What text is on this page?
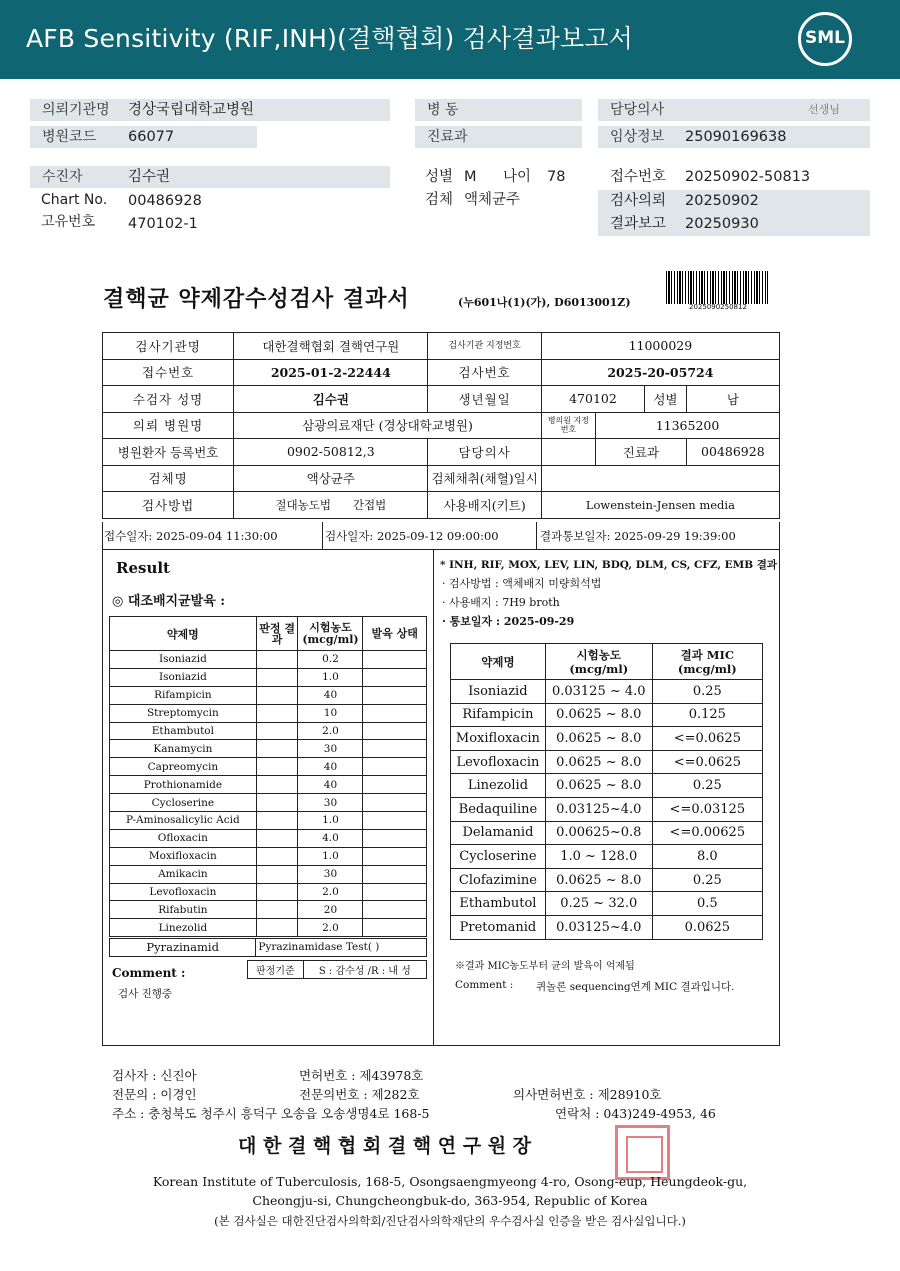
AFB Sensitivity (RIF,INH)(결핵협회) 검사결과보고서	SML
의뢰기관명	경상국립대학교병원
병원코드	66077
병 동
진료과
담당의사	선생님
임상정보	25090169638
수진자	김수권
Chart No. 00486928
고유번호 470102-1
성별 M 나이 78
검체 액체균주
접수번호 20250902-50813
검사의뢰 20250902
결과보고 20250930
결핵균 약제감수성검사 결과서	(누601나(1)(가), D6013001Z)	2025090250812
검사기관명	대한결핵협회 결핵연구원	검사기관 지정번호	11000029			
접수번호	2025-01-2-22444	검사번호	2025-20-05724			
수검자 성명	김수권	생년월일	470102		성별	남
의뢰 병원명	삼광의료재단 (경상대학교병원)		병의원 지정번호	11365200		
병원환자 등록번호	0902-50812,3	담당의사		진료과		00486928
검체명	액상균주	검체채취(채혈)일시				
검사방법	절대농도법 간접법	사용배지(키트)	Lowenstein-Jensen media			
접수일자: 2025-09-04 11:30:00	검사일자: 2025-09-12 09:00:00	결과통보일자: 2025-09-29 19:39:00
Result
◎ 대조배지균발육 :
약제명	판정 결과	시험농도 (mcg/ml)	발육 상태
Isoniazid		0.2	
Isoniazid		1.0	
Rifampicin		40	
Streptomycin		10	
Ethambutol		2.0	
Kanamycin		30	
Capreomycin		40	
Prothionamide		40	
Cycloserine		30	
P-Aminosalicylic Acid		1.0	
Ofloxacin		4.0	
Moxifloxacin		1.0	
Amikacin		30	
Levofloxacin		2.0	
Rifabutin		20	
Linezolid		2.0	
Pyrazinamid	Pyrazinamidase Test( )
판정기준	S : 감수성 /R : 내 성
Comment :
검사 진행중
* INH, RIF, MOX, LEV, LIN, BDQ, DLM, CS, CFZ, EMB 결과
· 검사방법 : 액체배지 미량희석법
· 사용배지 : 7H9 broth
· 통보일자 : 2025-09-29
약제명	시험농도 (mcg/ml)	결과 MIC (mcg/ml)
Isoniazid	0.03125 ~ 4.0	0.25
Rifampicin	0.0625 ~ 8.0	0.125
Moxifloxacin	0.0625 ~ 8.0	<=0.0625
Levofloxacin	0.0625 ~ 8.0	<=0.0625
Linezolid	0.0625 ~ 8.0	0.25
Bedaquiline	0.03125~4.0	<=0.03125
Delamanid	0.00625~0.8	<=0.00625
Cycloserine	1.0 ~ 128.0	8.0
Clofazimine	0.0625 ~ 8.0	0.25
Ethambutol	0.25 ~ 32.0	0.5
Pretomanid	0.03125~4.0	0.0625
※결과 MIC농도부터 균의 발육이 억제됨
Comment : 퀴놀론 sequencing연계 MIC 결과입니다.
검사자 : 신진아	면허번호 : 제43978호
전문의 : 이경인	전문의번호 : 제282호	의사면허번호 : 제28910호
주소 : 충청북도 청주시 흥덕구 오송읍 오송생명4로 168-5	연락처 : 043)249-4953, 46
대 한 결 핵 협 회 결 핵 연 구 원 장
Korean Institute of Tuberculosis, 168-5, Osongsaengmyeong 4-ro, Osong-eup, Heungdeok-gu,
Cheongju-si, Chungcheongbuk-do, 363-954, Republic of Korea
(본 검사실은 대한진단검사의학회/진단검사의학재단의 우수검사실 인증을 받은 검사실입니다.)
